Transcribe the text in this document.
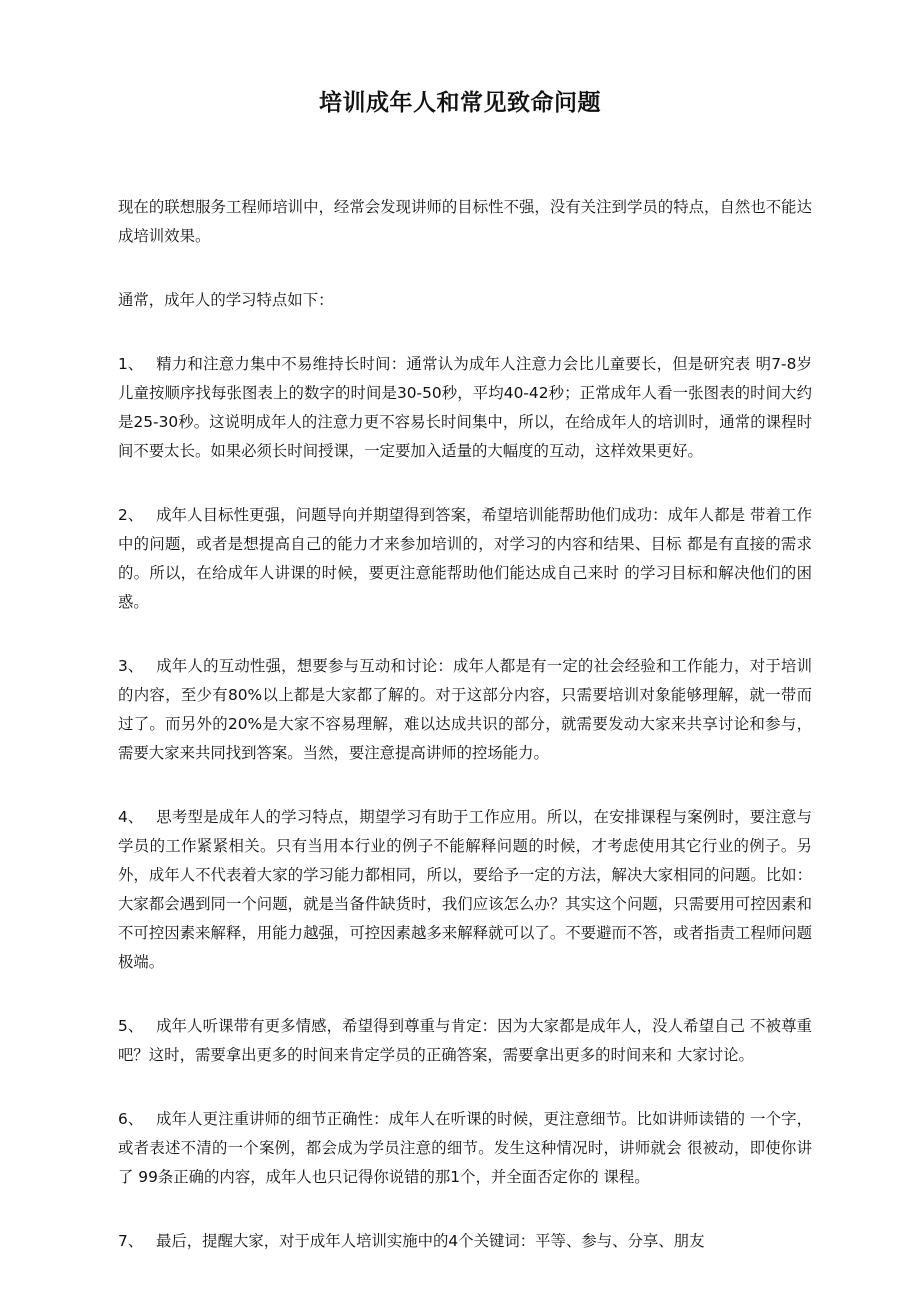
培训成年人和常见致命问题

现在的联想服务工程师培训中，经常会发现讲师的目标性不强，没有关注到学员的特点，自然也不能达成培训效果。

通常，成年人的学习特点如下：

1、 精力和注意力集中不易维持长时间：通常认为成年人注意力会比儿童要长，但是研究表 明7-8岁儿童按顺序找每张图表上的数字的时间是30-50秒，平均40-42秒；正常成年人看一张图表的时间大约是25-30秒。这说明成年人的注意力更不容易长时间集中，所以，在给成年人的培训时，通常的课程时间不要太长。如果必须长时间授课，一定要加入适量的大幅度的互动，这样效果更好。

2、 成年人目标性更强，问题导向并期望得到答案，希望培训能帮助他们成功：成年人都是 带着工作中的问题，或者是想提高自己的能力才来参加培训的，对学习的内容和结果、目标 都是有直接的需求的。所以，在给成年人讲课的时候，要更注意能帮助他们能达成自己来时 的学习目标和解决他们的困惑。

3、 成年人的互动性强，想要参与互动和讨论：成年人都是有一定的社会经验和工作能力，对于培训的内容，至少有80%以上都是大家都了解的。对于这部分内容，只需要培训对象能够理解，就一带而过了。而另外的20%是大家不容易理解，难以达成共识的部分，就需要发动大家来共享讨论和参与，需要大家来共同找到答案。当然，要注意提高讲师的控场能力。

4、 思考型是成年人的学习特点，期望学习有助于工作应用。所以，在安排课程与案例时，要注意与学员的工作紧紧相关。只有当用本行业的例子不能解释问题的时候，才考虑使用其它行业的例子。另外，成年人不代表着大家的学习能力都相同，所以，要给予一定的方法，解决大家相同的问题。比如：大家都会遇到同一个问题，就是当备件缺货时，我们应该怎么办？其实这个问题，只需要用可控因素和不可控因素来解释，用能力越强，可控因素越多来解释就可以了。不要避而不答，或者指责工程师问题极端。

5、 成年人听课带有更多情感，希望得到尊重与肯定：因为大家都是成年人，没人希望自己 不被尊重吧？这时，需要拿出更多的时间来肯定学员的正确答案，需要拿出更多的时间来和 大家讨论。

6、 成年人更注重讲师的细节正确性：成年人在听课的时候，更注意细节。比如讲师读错的 一个字，或者表述不清的一个案例，都会成为学员注意的细节。发生这种情况时，讲师就会 很被动，即使你讲了 99条正确的内容，成年人也只记得你说错的那1个，并全面否定你的 课程。

7、 最后，提醒大家，对于成年人培训实施中的4个关键词：平等、参与、分享、朋友
